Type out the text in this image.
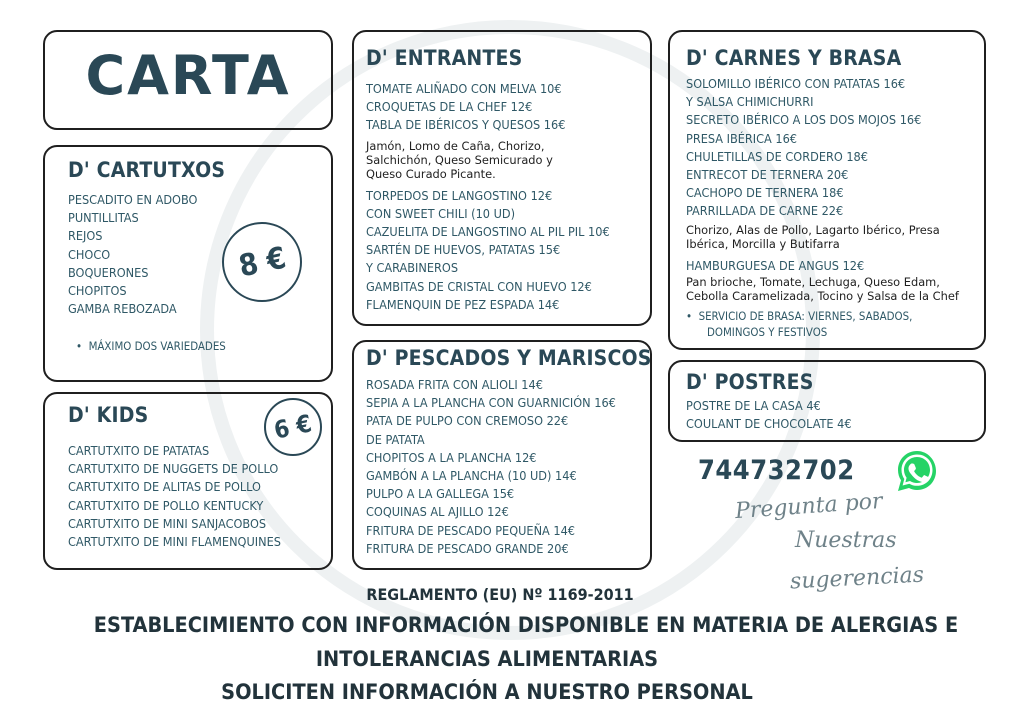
CARTA
D' CARTUTXOS
PESCADITO EN ADOBO
PUNTILLITAS
REJOS
CHOCO
BOQUERONES
CHOPITOS
GAMBA REBOZADA
8 €
•  MÁXIMO DOS VARIEDADES
D' KIDS	6 €
CARTUTXITO DE PATATAS
CARTUTXITO DE NUGGETS DE POLLO
CARTUTXITO DE ALITAS DE POLLO
CARTUTXITO DE POLLO KENTUCKY
CARTUTXITO DE MINI SANJACOBOS
CARTUTXITO DE MINI FLAMENQUINES
D' ENTRANTES
TOMATE ALIÑADO CON MELVA 10€
CROQUETAS DE LA CHEF 12€
TABLA DE IBÉRICOS Y QUESOS 16€
Jamón, Lomo de Caña, Chorizo,
Salchichón, Queso Semicurado y
Queso Curado Picante.
TORPEDOS DE LANGOSTINO 12€
CON SWEET CHILI (10 UD)
CAZUELITA DE LANGOSTINO AL PIL PIL 10€
SARTÉN DE HUEVOS, PATATAS 15€
Y CARABINEROS
GAMBITAS DE CRISTAL CON HUEVO 12€
FLAMENQUIN DE PEZ ESPADA 14€
D' PESCADOS Y MARISCOS
ROSADA FRITA CON ALIOLI 14€
SEPIA A LA PLANCHA CON GUARNICIÓN 16€
PATA DE PULPO CON CREMOSO 22€
DE PATATA
CHOPITOS A LA PLANCHA 12€
GAMBÓN A LA PLANCHA (10 UD) 14€
PULPO A LA GALLEGA 15€
COQUINAS AL AJILLO 12€
FRITURA DE PESCADO PEQUEÑA 14€
FRITURA DE PESCADO GRANDE 20€
D' CARNES Y BRASA
SOLOMILLO IBÉRICO CON PATATAS 16€
Y SALSA CHIMICHURRI
SECRETO IBÉRICO A LOS DOS MOJOS 16€
PRESA IBÉRICA 16€
CHULETILLAS DE CORDERO 18€
ENTRECOT DE TERNERA 20€
CACHOPO DE TERNERA 18€
PARRILLADA DE CARNE 22€
Chorizo, Alas de Pollo, Lagarto Ibérico, Presa
Ibérica, Morcilla y Butifarra
HAMBURGUESA DE ANGUS 12€
Pan brioche, Tomate, Lechuga, Queso Edam,
Cebolla Caramelizada, Tocino y Salsa de la Chef
•  SERVICIO DE BRASA: VIERNES, SABADOS,
DOMINGOS Y FESTIVOS
D' POSTRES
POSTRE DE LA CASA 4€
COULANT DE CHOCOLATE 4€
744732702
Pregunta por
Nuestras
sugerencias
REGLAMENTO (EU) Nº 1169-2011
ESTABLECIMIENTO CON INFORMACIÓN DISPONIBLE EN MATERIA DE ALERGIAS E
INTOLERANCIAS ALIMENTARIAS
SOLICITEN INFORMACIÓN A NUESTRO PERSONAL
